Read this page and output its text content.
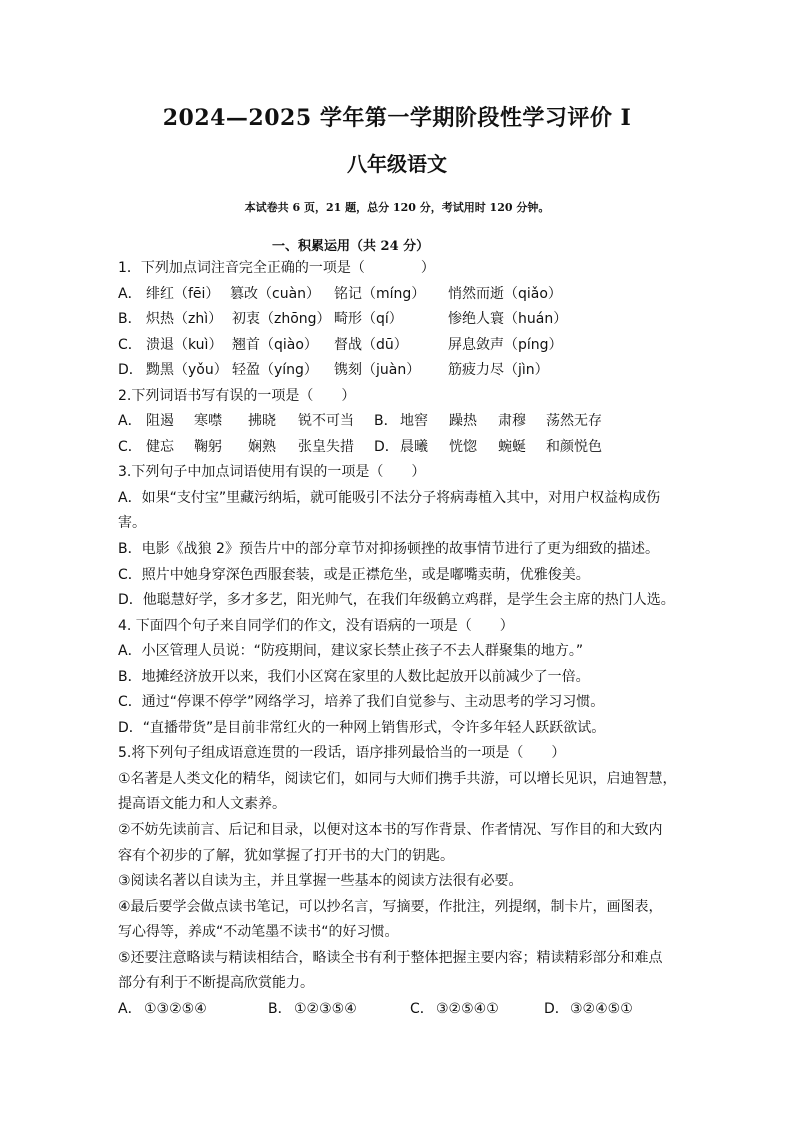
2024—2025 学年第一学期阶段性学习评价 I
八年级语文
本试卷共 6 页，21 题，总分 120 分，考试用时 120 分钟。
一、积累运用（共 24 分）
1．下列加点词注音完全正确的一项是（　　　　）
A． 绯红（fēi） 篡改（cuàn） 铭记（míng） 悄然而逝（qiǎo）
B． 炽热（zhì） 初衷（zhōng） 畸形（qí）	惨绝人寰（huán）
C． 溃退（kuì） 翘首（qiào） 督战（dū）	屏息敛声（píng）
D． 黝黑（yǒu） 轻盈（yíng） 镌刻（juàn） 筋疲力尽（jìn）
2.下列词语书写有误的一项是（　　）
A． 阻遏 寒噤 拂晓 锐不可当 B． 地窖 躁热 肃穆 荡然无存
C． 健忘 鞠躬 娴熟 张皇失措 D． 晨曦 恍惚 蜿蜒 和颜悦色
3.下列句子中加点词语使用有误的一项是（　　）
A．如果“支付宝”里藏污纳垢，就可能吸引不法分子将病毒植入其中，对用户权益构成伤
害。
B．电影《战狼 2》预告片中的部分章节对抑扬顿挫的故事情节进行了更为细致的描述。
C．照片中她身穿深色西服套装，或是正襟危坐，或是嘟嘴卖萌，优雅俊美。
D．他聪慧好学，多才多艺，阳光帅气，在我们年级鹤立鸡群，是学生会主席的热门人选。
4. 下面四个句子来自同学们的作文，没有语病的一项是（　　）
A．小区管理人员说：“防疫期间，建议家长禁止孩子不去人群聚集的地方。”
B．地摊经济放开以来，我们小区窝在家里的人数比起放开以前减少了一倍。
C．通过“停课不停学”网络学习，培养了我们自觉参与、主动思考的学习习惯。
D．“直播带货”是目前非常红火的一种网上销售形式，令许多年轻人跃跃欲试。
5.将下列句子组成语意连贯的一段话，语序排列最恰当的一项是（　　）
①名著是人类文化的精华，阅读它们，如同与大师们携手共游，可以增长见识，启迪智慧，
提高语文能力和人文素养。
②不妨先读前言、后记和目录，以便对这本书的写作背景、作者情况、写作目的和大致内
容有个初步的了解，犹如掌握了打开书的大门的钥匙。
③阅读名著以自读为主，并且掌握一些基本的阅读方法很有必要。
④最后要学会做点读书笔记，可以抄名言，写摘要，作批注，列提纲，制卡片，画图表，
写心得等，养成“不动笔墨不读书“的好习惯。
⑤还要注意略读与精读相结合，略读全书有利于整体把握主要内容；精读精彩部分和难点
部分有利于不断提高欣赏能力。
A． ①③②⑤④	B． ①②③⑤④	C． ③②⑤④①	D． ③②④⑤①
